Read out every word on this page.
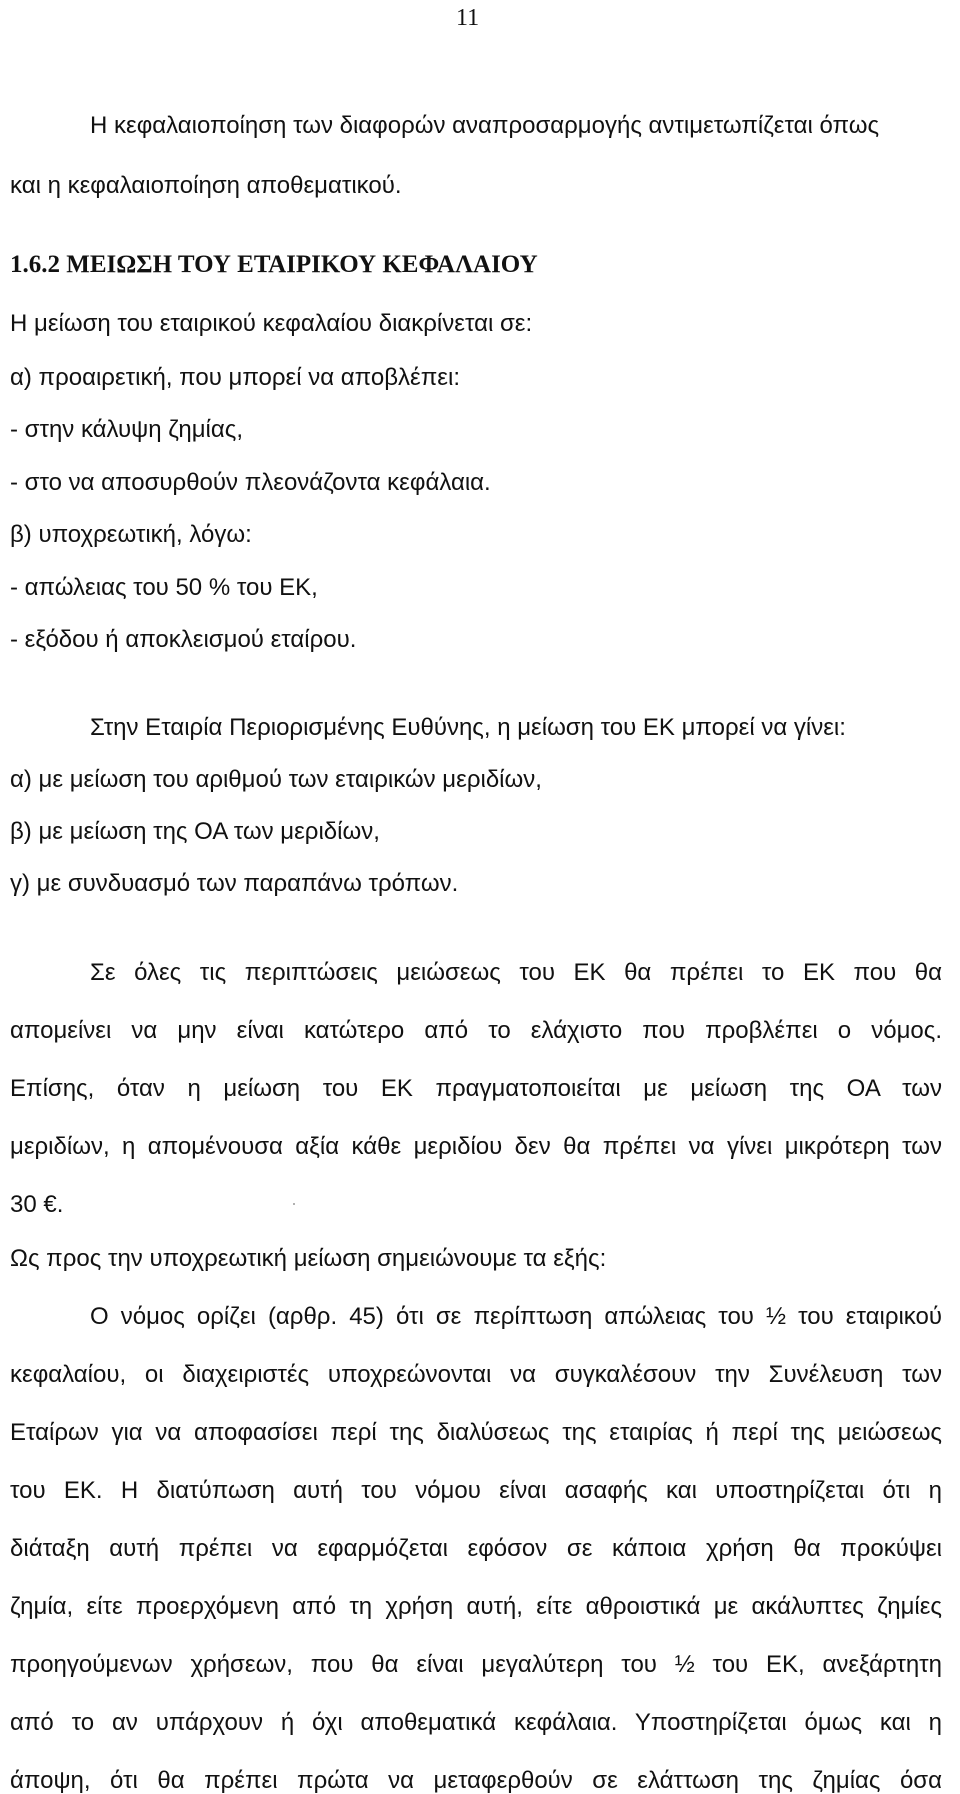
11
Η κεφαλαιοποίηση των διαφορών αναπροσαρμογής αντιμετωπίζεται όπως
και η κεφαλαιοποίηση αποθεματικού.
1.6.2 ΜΕΙΩΣΗ ΤΟΥ ΕΤΑΙΡΙΚΟΥ ΚΕΦΑΛΑΙΟΥ
Η μείωση του εταιρικού κεφαλαίου διακρίνεται σε:
α) προαιρετική, που μπορεί να αποβλέπει:
- στην κάλυψη ζημίας,
- στο να αποσυρθούν πλεονάζοντα κεφάλαια.
β) υποχρεωτική, λόγω:
- απώλειας του 50 % του ΕΚ,
- εξόδου ή αποκλεισμού εταίρου.
Στην Εταιρία Περιορισμένης Ευθύνης, η μείωση του ΕΚ μπορεί να γίνει:
α) με μείωση του αριθμού των εταιρικών μεριδίων,
β) με μείωση της ΟΑ των μεριδίων,
γ) με συνδυασμό των παραπάνω τρόπων.
Σε όλες τις περιπτώσεις μειώσεως του ΕΚ θα πρέπει το ΕΚ που θα
απομείνει να μην είναι κατώτερο από το ελάχιστο που προβλέπει ο νόμος.
Επίσης, όταν η μείωση του ΕΚ πραγματοποιείται με μείωση της ΟΑ των
μεριδίων, η απομένουσα αξία κάθε μεριδίου δεν θα πρέπει να γίνει μικρότερη των
30 €.
Ως προς την υποχρεωτική μείωση σημειώνουμε τα εξής:
Ο νόμος ορίζει (αρθρ. 45) ότι σε περίπτωση απώλειας του ½ του εταιρικού
κεφαλαίου, οι διαχειριστές υποχρεώνονται να συγκαλέσουν την Συνέλευση των
Εταίρων για να αποφασίσει περί της διαλύσεως της εταιρίας ή περί της μειώσεως
του ΕΚ. Η διατύπωση αυτή του νόμου είναι ασαφής και υποστηρίζεται ότι η
διάταξη αυτή πρέπει να εφαρμόζεται εφόσον σε κάποια χρήση θα προκύψει
ζημία, είτε προερχόμενη από τη χρήση αυτή, είτε αθροιστικά με ακάλυπτες ζημίες
προηγούμενων χρήσεων, που θα είναι μεγαλύτερη του ½ του ΕΚ, ανεξάρτητη
από το αν υπάρχουν ή όχι αποθεματικά κεφάλαια. Υποστηρίζεται όμως και η
άποψη, ότι θα πρέπει πρώτα να μεταφερθούν σε ελάττωση της ζημίας όσα
